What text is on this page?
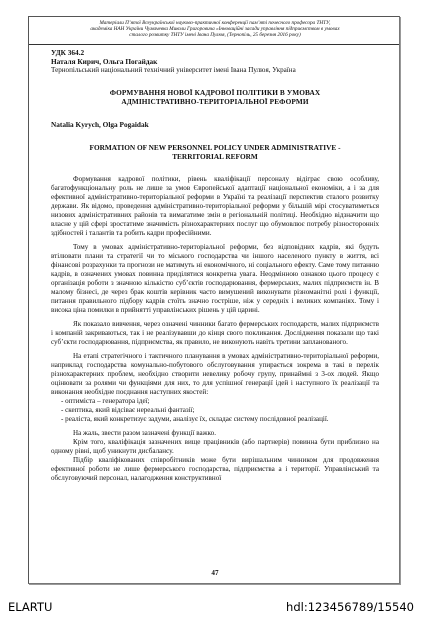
Матеріали Пʼятої Всеукраїнської науково-практичної конференції памʼяті почесного професора ТНТУ,
академіка НАН України Чумачевка Миколи Григоровича «Інноваційні засади управління підприємством в умовах
сталого розвитку ТНТУ імені Івана Пулюя, (Тернопіль, 25 березня 2016 року)

УДК 364.2

Наталя Кирич, Ольга Погайдак

Тернопільський національний технічний університет імені Івана Пулюя, Україна

ФОРМУВАННЯ НОВОЇ КАДРОВОЇ ПОЛІТИКИ В УМОВАХ АДМІНІСТРАТИВНО-ТЕРИТОРІАЛЬНОЇ РЕФОРМИ

Natalia Kyrych, Olga Pogaidak

FORMATION OF NEW PERSONNEL POLICY UNDER ADMINISTRATIVE - TERRITORIAL REFORM

Формування кадрової політики, рівень кваліфікації персоналу відіграє свою особливу, багатофункціональну роль не лише за умов Європейської адаптації національної економіки, а і за для ефективної адміністративно-територіальної реформи в Україні та реалізації перспектив сталого розвитку держави. Як відомо, проведення адміністративно-територіальної реформи у більшій мірі стосуватиметься низових адміністративних районів та вимагатиме змін в регіональній політиці. Необхідно відзначити що власне у цій сфері зростатиме значимість різнохарактерних послуг що обумовлює потребу різносторонніх здібностей і талантів та робить кадри професійними.

Тому в умовах адміністративно-територіальної реформи, без відповідних кадрів, які будуть втілювати плани та стратегії чи то міського господарства чи іншого населеного пункту в життя, всі фінансові розрахунки та прогнози не матимуть ні економічного, ні соціального ефекту. Саме тому питанню кадрів, в означених умовах повинна приділятися конкретна увага. Неодмінною ознакою цього процесу є організація роботи з значною кількістю субʼєктів господарювання, фермерських, малих підприємств ін. В малому бізнесі, де через брак коштів керівник часто вимушений виконувати різноманітні ролі і функції, питання правильного підбору кадрів стоїть значно гостріше, ніж у середніх і великих компаніях. Тому і висока ціна помилки в прийнятті управлінських рішень у цій царині.

Як показало вивчення, через означені чинники багато фермерських господарств, малих підприємств і компаній закриваються, так і не реалізувавши до кінця свого покликання. Дослідження показали що такі субʼєкти господарювання, підприємства, як правило, не виконують навіть третини запланованого.

На етапі стратегічного і тактичного планування в умовах адміністративно-територіальної реформи, наприклад господарства комунально-побутового обслуговування упирається зокрема в такі в перелік різнохарактерних проблем, необхідно створити невелику робочу групу, принаймні з 3-ох людей. Якщо оцінювати за ролями чи функціями для них, то для успішної генерації ідей і наступного їх реалізації та виконання необхідне поєднання наступних якостей:

- оптиміста – генератора ідеї;

- скептика, який відсіває нереальні фантазії;

- реаліста, який конкретизує задуми, аналізує їх, складає систему послідовної реалізації.

На жаль, звести разом зазначені функції важко.

Крім того, кваліфікація зазначених вище працівників (або партнерів) повинна бути приблизно на одному рівні, щоб уникнути дисбалансу.

Підбір кваліфікованих співробітників може бути вирішальним чинником для продовження ефективної роботи не лише фермерського господарства, підприємства а і території. Управлінський та обслуговуючий персонал, налагодження конструктивної

47
ELARTU	hdl:123456789/15540
